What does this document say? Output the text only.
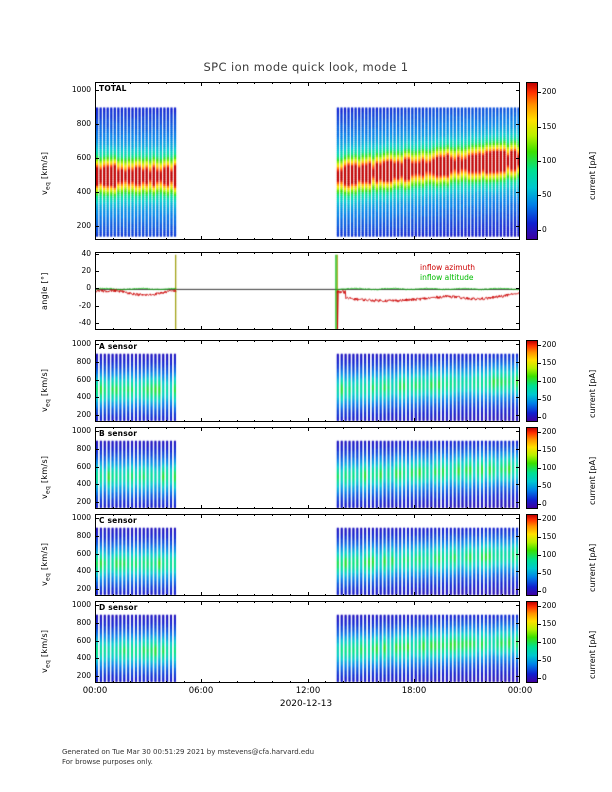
SPC ion mode quick look, mode 1
TOTAL
A sensor
B sensor
C sensor
D sensor
$v_{eq}$ [km/s]
angle [°]
$v_{eq}$ [km/s]
$v_{eq}$ [km/s]
$v_{eq}$ [km/s]
$v_{eq}$ [km/s]
00:00	06:00	12:00	18:00	00:00
2020-12-13
current [pA]
current [pA]
current [pA]
current [pA]
current [pA]
inflow azimuth
inflow altitude
Generated on Tue Mar 30 00:51:29 2021 by mstevens@cfa.harvard.edu
For browse purposes only.
200
400
600
800
1000
-40
-20
0
20
40
200
400
600
800
1000
200
400
600
800
1000
200
400
600
800
1000
200
400
600
800
1000
0
50
100
150
200
0
50
100
150
200
0
50
100
150
200
0
50
100
150
200
0
50
100
150
200
